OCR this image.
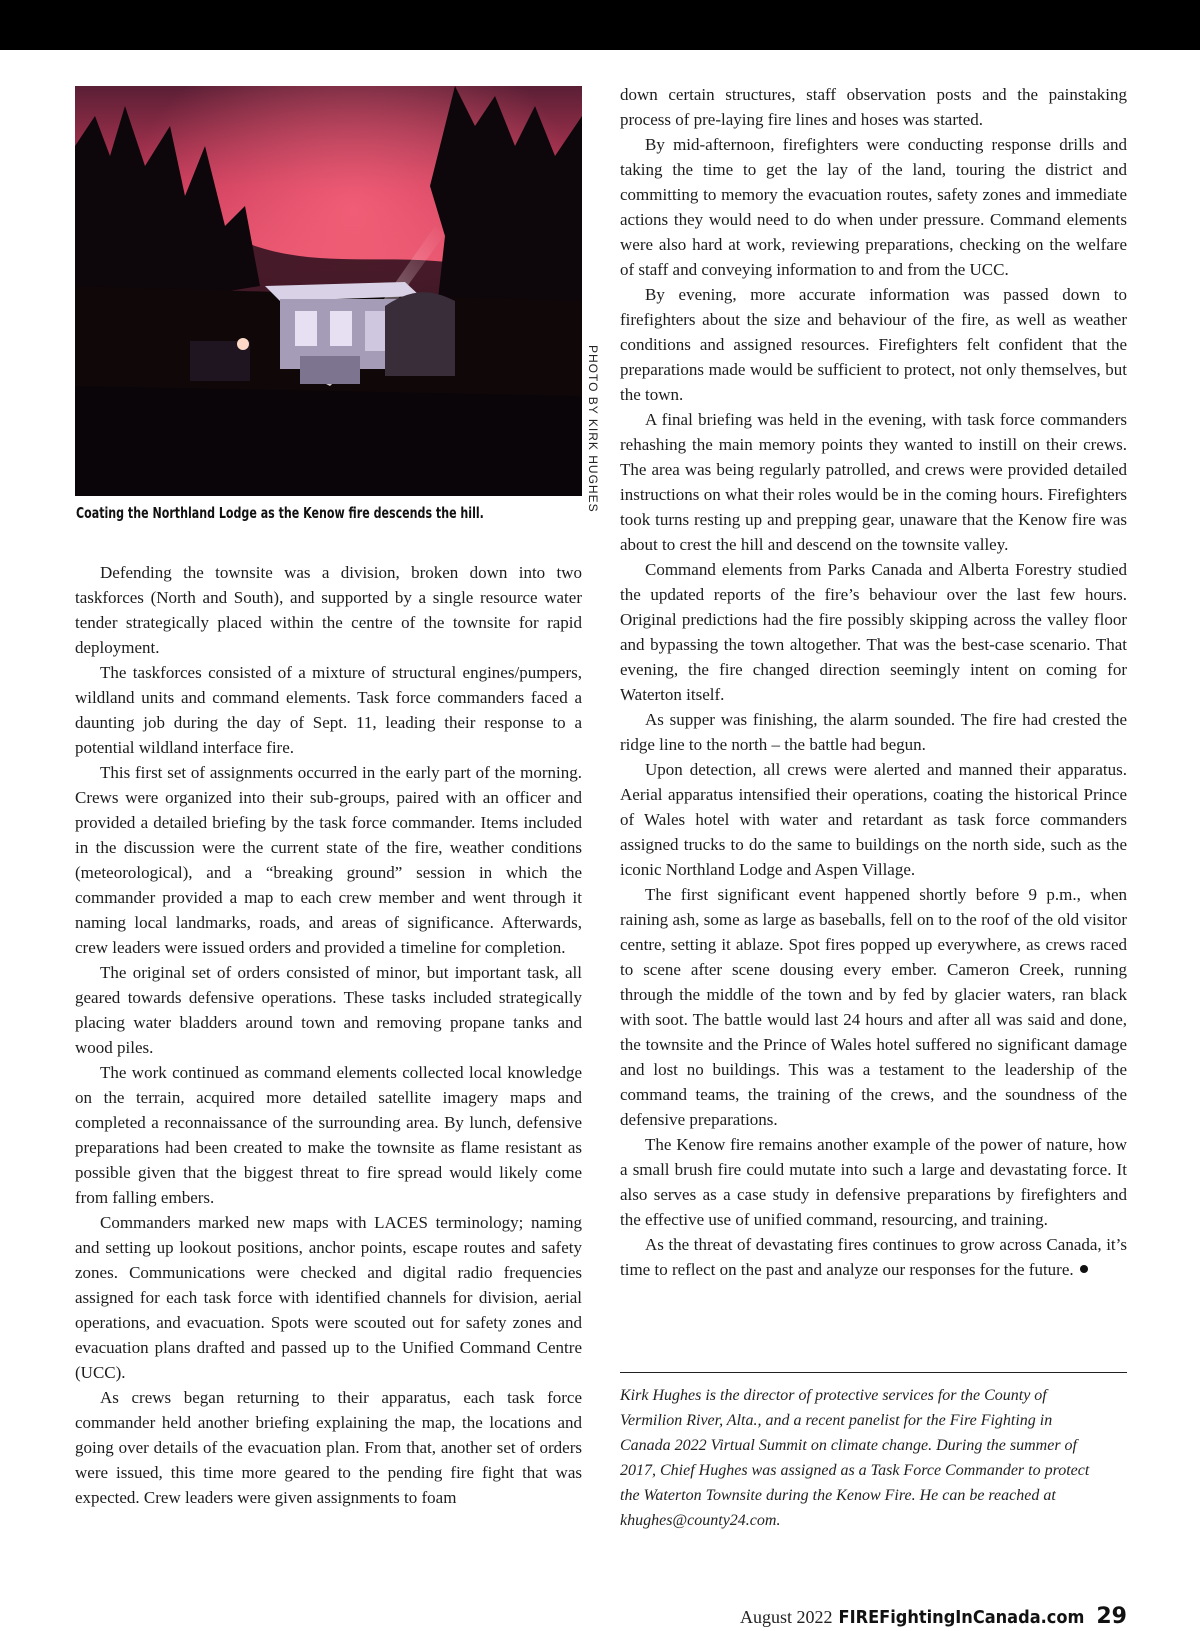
PHOTO BY KIRK HUGHES
Coating the Northland Lodge as the Kenow fire descends the hill.

Defending the townsite was a division, broken down into two taskforces (North and South), and supported by a single resource water tender strategically placed within the centre of the townsite for rapid deployment.

The taskforces consisted of a mixture of structural engines/pumpers, wildland units and command elements. Task force commanders faced a daunting job during the day of Sept. 11, leading their response to a potential wildland interface fire.

This first set of assignments occurred in the early part of the morning. Crews were organized into their sub-groups, paired with an officer and provided a detailed briefing by the task force commander. Items included in the discussion were the current state of the fire, weather conditions (meteorological), and a “breaking ground” session in which the commander provided a map to each crew member and went through it naming local landmarks, roads, and areas of significance. Afterwards, crew leaders were issued orders and provided a timeline for completion.

The original set of orders consisted of minor, but important task, all geared towards defensive operations. These tasks included strategically placing water bladders around town and removing propane tanks and wood piles.

The work continued as command elements collected local knowledge on the terrain, acquired more detailed satellite imagery maps and completed a reconnaissance of the surrounding area. By lunch, defensive preparations had been created to make the townsite as flame resistant as possible given that the biggest threat to fire spread would likely come from falling embers.

Commanders marked new maps with LACES terminology; naming and setting up lookout positions, anchor points, escape routes and safety zones. Communications were checked and digital radio frequencies assigned for each task force with identified channels for division, aerial operations, and evacuation. Spots were scouted out for safety zones and evacuation plans drafted and passed up to the Unified Command Centre (UCC).

As crews began returning to their apparatus, each task force commander held another briefing explaining the map, the locations and going over details of the evacuation plan. From that, another set of orders were issued, this time more geared to the pending fire fight that was expected. Crew leaders were given assignments to foam

down certain structures, staff observation posts and the painstaking process of pre-laying fire lines and hoses was started.

By mid-afternoon, firefighters were conducting response drills and taking the time to get the lay of the land, touring the district and committing to memory the evacuation routes, safety zones and immediate actions they would need to do when under pressure. Command elements were also hard at work, reviewing preparations, checking on the welfare of staff and conveying information to and from the UCC.

By evening, more accurate information was passed down to firefighters about the size and behaviour of the fire, as well as weather conditions and assigned resources. Firefighters felt confident that the preparations made would be sufficient to protect, not only themselves, but the town.

A final briefing was held in the evening, with task force commanders rehashing the main memory points they wanted to instill on their crews. The area was being regularly patrolled, and crews were provided detailed instructions on what their roles would be in the coming hours. Firefighters took turns resting up and prepping gear, unaware that the Kenow fire was about to crest the hill and descend on the townsite valley.

Command elements from Parks Canada and Alberta Forestry studied the updated reports of the fire’s behaviour over the last few hours. Original predictions had the fire possibly skipping across the valley floor and bypassing the town altogether. That was the best-case scenario. That evening, the fire changed direction seemingly intent on coming for Waterton itself.

As supper was finishing, the alarm sounded. The fire had crested the ridge line to the north – the battle had begun.

Upon detection, all crews were alerted and manned their apparatus. Aerial apparatus intensified their operations, coating the historical Prince of Wales hotel with water and retardant as task force commanders assigned trucks to do the same to buildings on the north side, such as the iconic Northland Lodge and Aspen Village.

The first significant event happened shortly before 9 p.m., when raining ash, some as large as baseballs, fell on to the roof of the old visitor centre, setting it ablaze. Spot fires popped up everywhere, as crews raced to scene after scene dousing every ember. Cameron Creek, running through the middle of the town and by fed by glacier waters, ran black with soot. The battle would last 24 hours and after all was said and done, the townsite and the Prince of Wales hotel suffered no significant damage and lost no buildings. This was a testament to the leadership of the command teams, the training of the crews, and the soundness of the defensive preparations.

The Kenow fire remains another example of the power of nature, how a small brush fire could mutate into such a large and devastating force. It also serves as a case study in defensive preparations by firefighters and the effective use of unified command, resourcing, and training.

As the threat of devastating fires continues to grow across Canada, it’s time to reflect on the past and analyze our responses for the future.

Kirk Hughes is the director of protective services for the County of Vermilion River, Alta., and a recent panelist for the Fire Fighting in Canada 2022 Virtual Summit on climate change. During the summer of 2017, Chief Hughes was assigned as a Task Force Commander to protect the Waterton Townsite during the Kenow Fire. He can be reached at khughes@county24.com.
August 2022 FIREFightingInCanada.com 29
